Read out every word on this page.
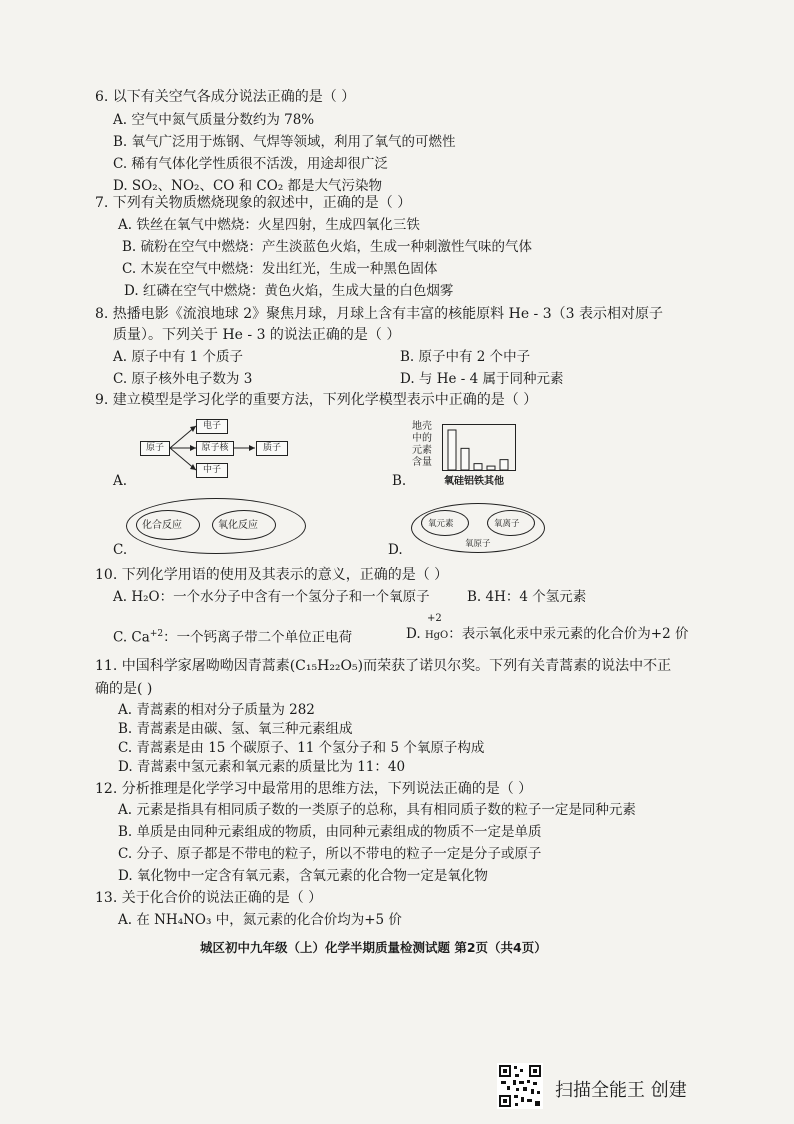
6. 以下有关空气各成分说法正确的是（ ）
A. 空气中氮气质量分数约为 78%
B. 氧气广泛用于炼钢、气焊等领域，利用了氧气的可燃性
C. 稀有气体化学性质很不活泼，用途却很广泛
D. SO₂、NO₂、CO 和 CO₂ 都是大气污染物
7. 下列有关物质燃烧现象的叙述中，正确的是（ ）
A. 铁丝在氧气中燃烧：火星四射，生成四氧化三铁
B. 硫粉在空气中燃烧：产生淡蓝色火焰，生成一种刺激性气味的气体
C. 木炭在空气中燃烧：发出红光，生成一种黑色固体
D. 红磷在空气中燃烧：黄色火焰，生成大量的白色烟雾
8. 热播电影《流浪地球 2》聚焦月球，月球上含有丰富的核能原料 He - 3（3 表示相对原子
质量）。下列关于 He - 3 的说法正确的是（ ）
A. 原子中有 1 个质子	B. 原子中有 2 个中子
C. 原子核外电子数为 3	D. 与 He - 4 属于同种元素
9. 建立模型是学习化学的重要方法，下列化学模型表示中正确的是（ ）
原子
电子
原子核
中子
质子
A.
地壳
中的
元素
含量
氧硅铝铁其他
B.
化合反应	氧化反应
C.
氧元素	氧离子
氧原子
D.
10. 下列化学用语的使用及其表示的意义，正确的是（ ）
A. H₂O：一个水分子中含有一个氢分子和一个氧原子	B. 4H：4 个氢元素
C. $Ca^{+2}$：一个钙离子带二个单位正电荷	D.
+2
HgO：表示氧化汞中汞元素的化合价为+2 价
11. 中国科学家屠呦呦因青蒿素(C₁₅H₂₂O₅)而荣获了诺贝尔奖。下列有关青蒿素的说法中不正
确的是( )
A. 青蒿素的相对分子质量为 282
B. 青蒿素是由碳、氢、氧三种元素组成
C. 青蒿素是由 15 个碳原子、11 个氢分子和 5 个氧原子构成
D. 青蒿素中氢元素和氧元素的质量比为 11：40
12. 分析推理是化学学习中最常用的思维方法，下列说法正确的是（ ）
A. 元素是指具有相同质子数的一类原子的总称，具有相同质子数的粒子一定是同种元素
B. 单质是由同种元素组成的物质，由同种元素组成的物质不一定是单质
C. 分子、原子都是不带电的粒子，所以不带电的粒子一定是分子或原子
D. 氧化物中一定含有氧元素，含氧元素的化合物一定是氧化物
13. 关于化合价的说法正确的是（ ）
A. 在 NH₄NO₃ 中，氮元素的化合价均为+5 价
城区初中九年级（上）化学半期质量检测试题 第2页（共4页）
扫描全能王 创建
